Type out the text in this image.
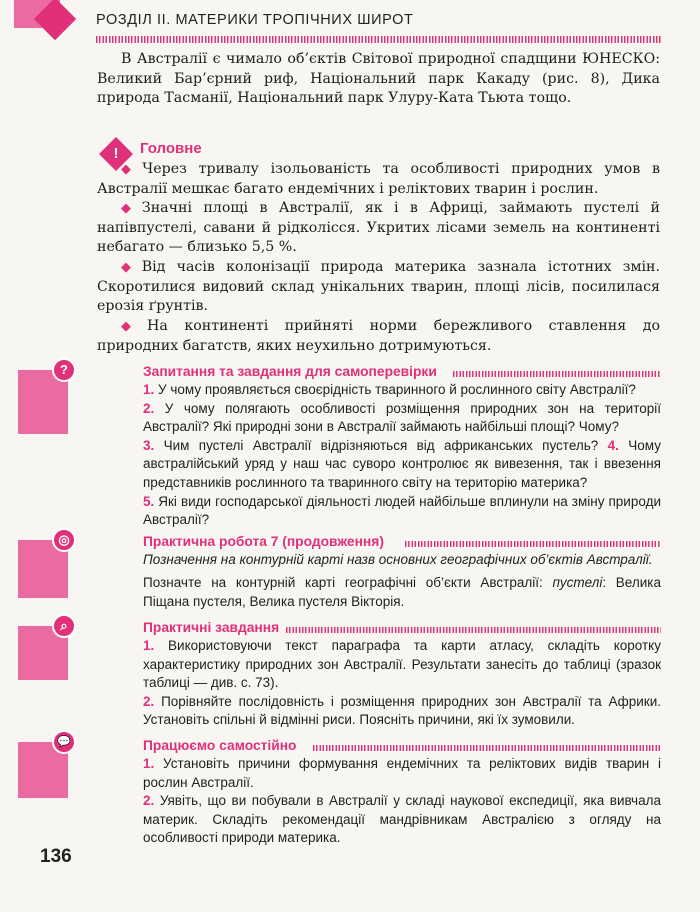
РОЗДІЛ ІІ. МАТЕРИКИ ТРОПІЧНИХ ШИРОТ
В Австралії є чимало об’єктів Світової природної спадщини ЮНЕСКО: Великий Бар’єрний риф, Національний парк Какаду (рис. 8), Дика природа Тасманії, Національний парк Улуру-Ката Тьюта тощо.
!	Головне
◆ Через тривалу ізольованість та особливості природних умов в Австралії мешкає багато ендемічних і реліктових тварин і рослин.
◆ Значні площі в Австралії, як і в Африці, займають пустелі й напівпустелі, савани й рідколісся. Укритих лісами земель на континенті небагато — близько 5,5 %.
◆ Від часів колонізації природа материка зазнала істотних змін. Скоротилися видовий склад унікальних тварин, площі лісів, посилилася ерозія ґрунтів.
◆ На континенті прийняті норми бережливого ставлення до природних багатств, яких неухильно дотримуються.
?	Запитання та завдання для самоперевірки
1. У чому проявляється своєрідність тваринного й рослинного світу Австралії?
2. У чому полягають особливості розміщення природних зон на території Австралії? Які природні зони в Австралії займають найбільші площі? Чому?
3. Чим пустелі Австралії відрізняються від африканських пустель? 4. Чому австралійський уряд у наш час суворо контролює як вивезення, так і ввезення представників рослинного та тваринного світу на територію материка?
5. Які види господарської діяльності людей найбільше вплинули на зміну природи Австралії?
◎	Практична робота 7 (продовження)
Позначення на контурній карті назв основних географічних об’єктів Австралії.
Позначте на контурній карті географічні об’єкти Австралії: пустелі: Велика Піщана пустеля, Велика пустеля Вікторія.
⌕	Практичні завдання
1. Використовуючи текст параграфа та карти атласу, складіть коротку характеристику природних зон Австралії. Результати занесіть до таблиці (зразок таблиці — див. с. 73).
2. Порівняйте послідовність і розміщення природних зон Австралії та Африки. Установіть спільні й відмінні риси. Поясніть причини, які їх зумовили.
💬	Працюємо самостійно
1. Установіть причини формування ендемічних та реліктових видів тварин і рослин Австралії.
2. Уявіть, що ви побували в Австралії у складі наукової експедиції, яка вивчала материк. Складіть рекомендації мандрівникам Австралією з огляду на особливості природи материка.
136
